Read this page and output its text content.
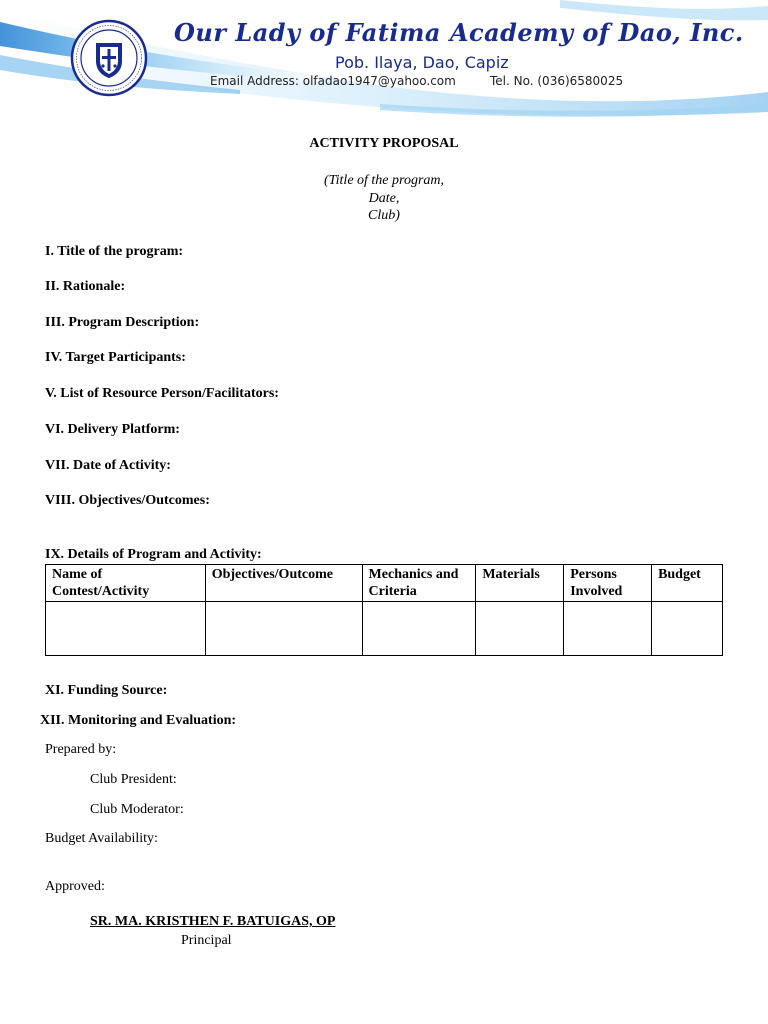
Our Lady of Fatima Academy of Dao, Inc.
Pob. Ilaya, Dao, Capiz
Email Address: olfadao1947@yahoo.com	Tel. No. (036)6580025
ACTIVITY PROPOSAL
(Title of the program,
Date,
Club)
I. Title of the program:
II. Rationale:
III. Program Description:
IV. Target Participants:
V. List of Resource Person/Facilitators:
VI. Delivery Platform:
VII. Date of Activity:
VIII. Objectives/Outcomes:
IX. Details of Program and Activity:
Name of Contest/Activity	Objectives/Outcome	Mechanics and Criteria	Materials	Persons Involved	Budget

XI. Funding Source:
XII. Monitoring and Evaluation:
Prepared by:
Club President:
Club Moderator:
Budget Availability:
Approved:
SR. MA. KRISTHEN F. BATUIGAS, OP
Principal
